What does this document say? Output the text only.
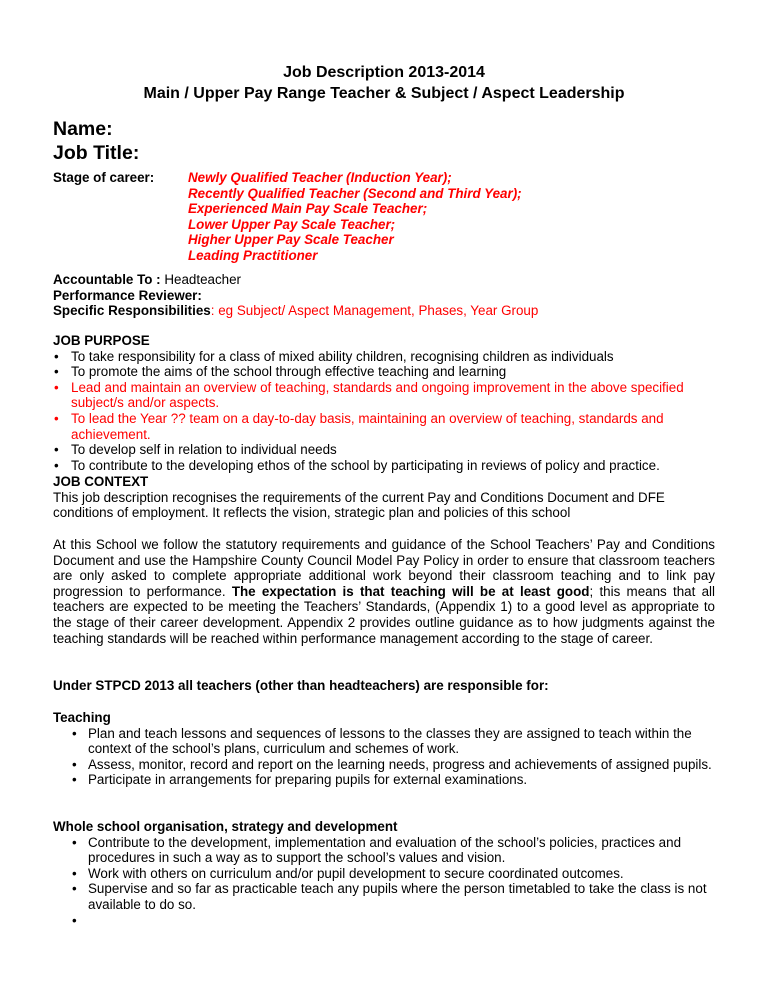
Job Description 2013-2014
Main / Upper Pay Range Teacher & Subject / Aspect Leadership
Name:
Job Title:
Stage of career:	Newly Qualified Teacher (Induction Year);
Recently Qualified Teacher (Second and Third Year);
Experienced Main Pay Scale Teacher;
Lower Upper Pay Scale Teacher;
Higher Upper Pay Scale Teacher
Leading Practitioner
Accountable To : Headteacher
Performance Reviewer:
Specific Responsibilities: eg Subject/ Aspect Management, Phases, Year Group
JOB PURPOSE
• To take responsibility for a class of mixed ability children, recognising children as individuals
• To promote the aims of the school through effective teaching and learning
• Lead and maintain an overview of teaching, standards and ongoing improvement in the above specified subject/s and/or aspects.
• To lead the Year ?? team on a day-to-day basis, maintaining an overview of teaching, standards and achievement.
• To develop self in relation to individual needs
• To contribute to the developing ethos of the school by participating in reviews of policy and practice.
JOB CONTEXT

This job description recognises the requirements of the current Pay and Conditions Document and DFE conditions of employment. It reflects the vision, strategic plan and policies of this school

At this School we follow the statutory requirements and guidance of the School Teachers’ Pay and Conditions Document and use the Hampshire County Council Model Pay Policy in order to ensure that classroom teachers are only asked to complete appropriate additional work beyond their classroom teaching and to link pay progression to performance. The expectation is that teaching will be at least good; this means that all teachers are expected to be meeting the Teachers’ Standards, (Appendix 1) to a good level as appropriate to the stage of their career development. Appendix 2 provides outline guidance as to how judgments against the teaching standards will be reached within performance management according to the stage of career.

Under STPCD 2013 all teachers (other than headteachers) are responsible for:
Teaching
• Plan and teach lessons and sequences of lessons to the classes they are assigned to teach within the context of the school’s plans, curriculum and schemes of work.
• Assess, monitor, record and report on the learning needs, progress and achievements of assigned pupils.
• Participate in arrangements for preparing pupils for external examinations.
Whole school organisation, strategy and development
• Contribute to the development, implementation and evaluation of the school’s policies, practices and procedures in such a way as to support the school’s values and vision.
• Work with others on curriculum and/or pupil development to secure coordinated outcomes.
• Supervise and so far as practicable teach any pupils where the person timetabled to take the class is not available to do so.
•
